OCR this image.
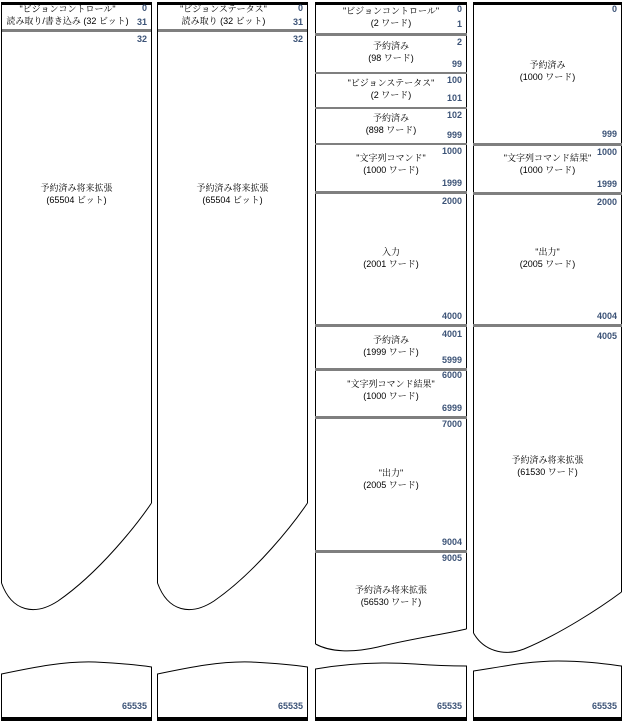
"ビジョンコントロール"
読み取り/書き込み (32 ビット)
0
31
32
予約済み将来拡張
(65504 ビット)
65535
"ビジョンステータス"
読み取り (32 ビット)
0
31
32
予約済み将来拡張
(65504 ビット)
65535
"ビジョンコントロール"
(2 ワード)
0
1
予約済み
(98 ワード)
2
99
"ビジョンステータス"
(2 ワード)
100
101
予約済み
(898 ワード)
102
999
"文字列コマンド"
(1000 ワード)
1000
1999
入力
(2001 ワード)
2000
4000
予約済み
(1999 ワード)
4001
5999
"文字列コマンド結果"
(1000 ワード)
6000
6999
"出力"
(2005 ワード)
7000
9004
予約済み将来拡張
(56530 ワード)
9005
65535
予約済み
(1000 ワード)
0
999
"文字列コマンド結果"
(1000 ワード)
1000
1999
"出力"
(2005 ワード)
2000
4004
予約済み将来拡張
(61530 ワード)
4005
65535
